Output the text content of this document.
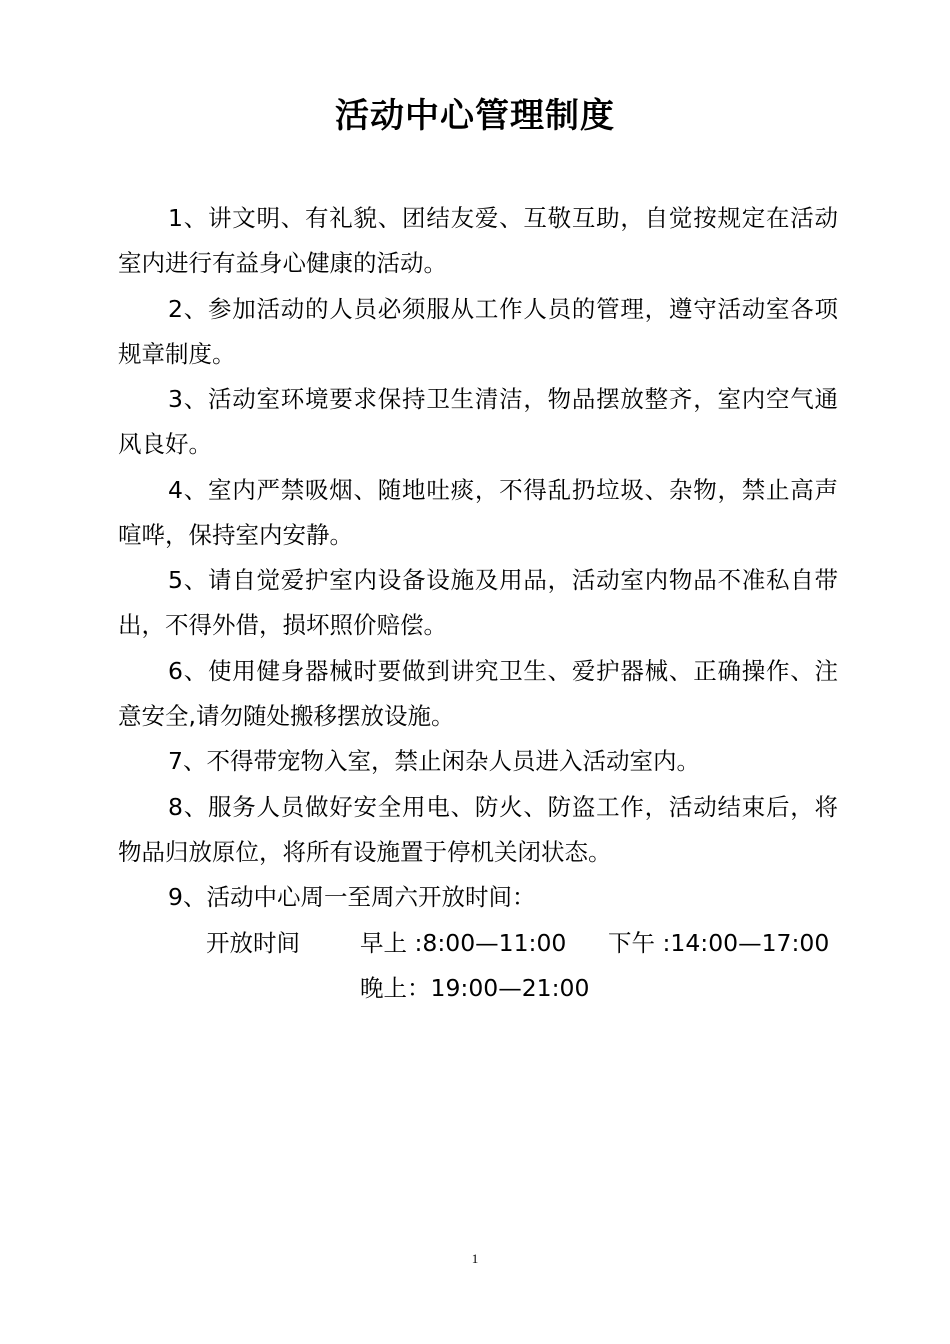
活动中心管理制度

1、讲文明、有礼貌、团结友爱、互敬互助，自觉按规定在活动室内进行有益身心健康的活动。

2、参加活动的人员必须服从工作人员的管理，遵守活动室各项规章制度。

3、活动室环境要求保持卫生清洁，物品摆放整齐，室内空气通风良好。

4、室内严禁吸烟、随地吐痰，不得乱扔垃圾、杂物，禁止高声喧哗，保持室内安静。

5、请自觉爱护室内设备设施及用品，活动室内物品不准私自带出，不得外借，损坏照价赔偿。

6、使用健身器械时要做到讲究卫生、爱护器械、正确操作、注意安全,请勿随处搬移摆放设施。

7、不得带宠物入室，禁止闲杂人员进入活动室内。

8、服务人员做好安全用电、防火、防盗工作，活动结束后，将物品归放原位，将所有设施置于停机关闭状态。

9、活动中心周一至周六开放时间：

开放时间	早上 :8:00—11:00 下午 :14:00—17:00
晚上：19:00—21:00
1
